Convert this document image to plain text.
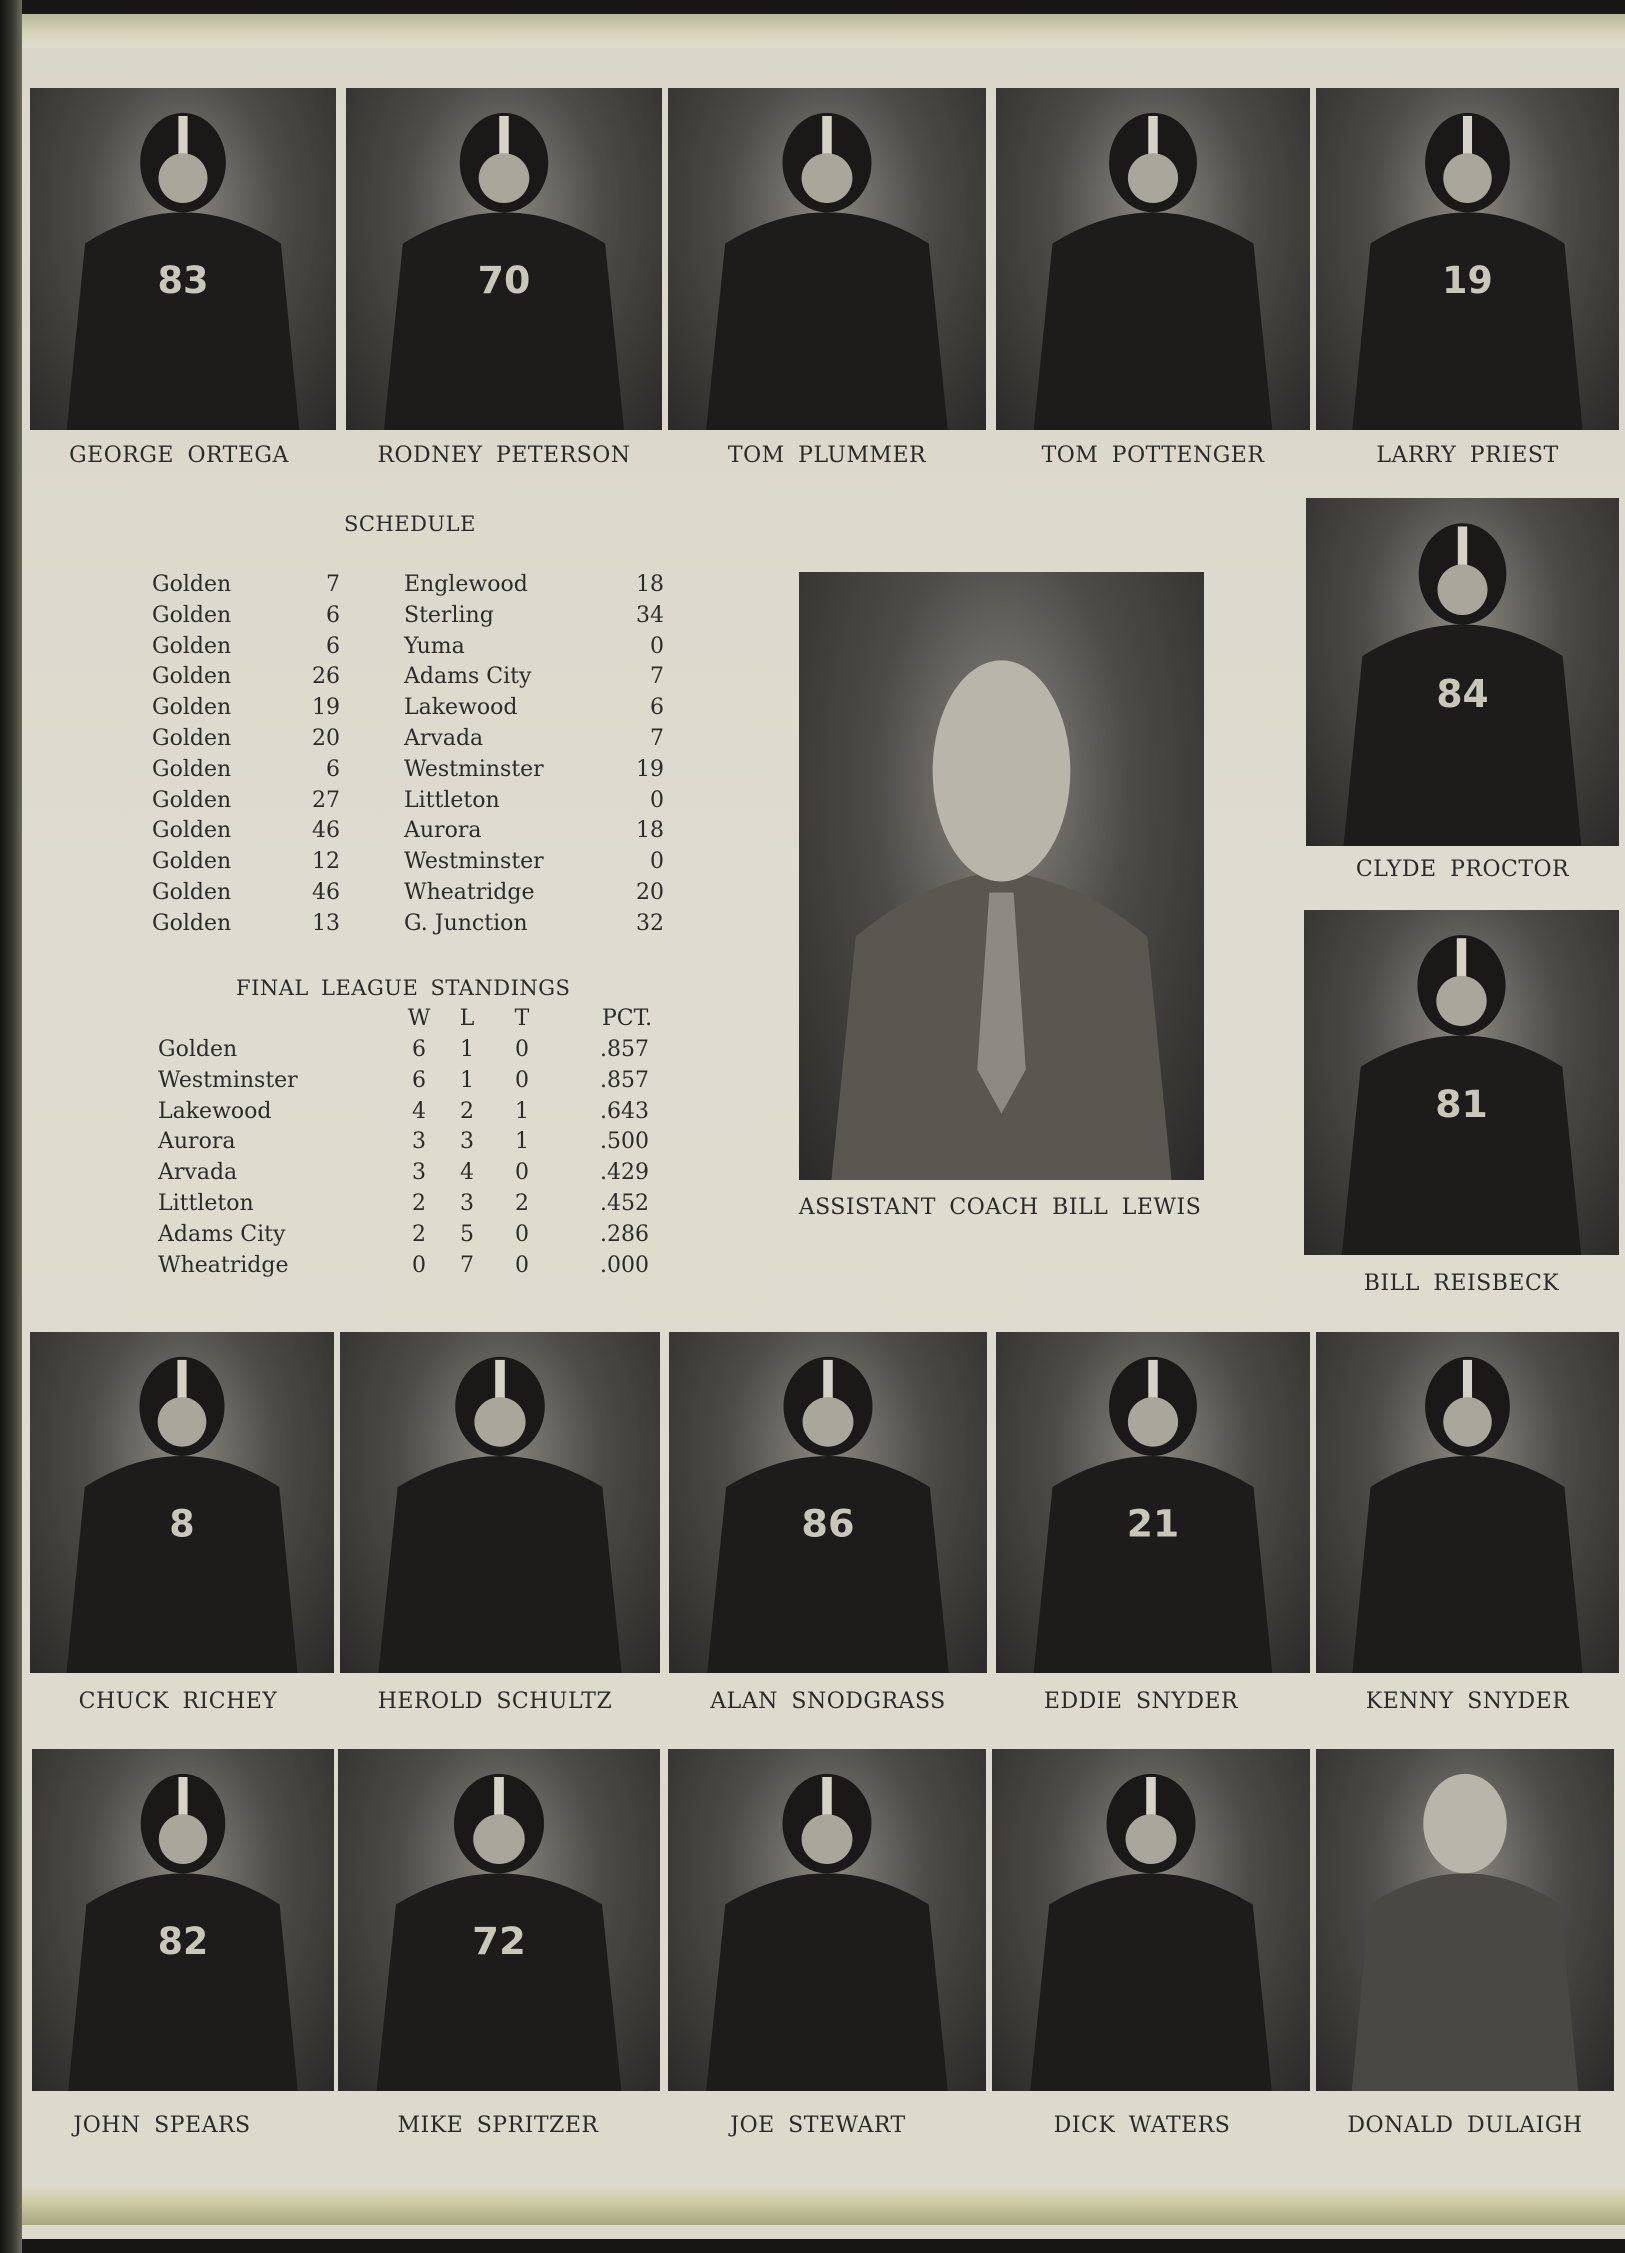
83	70	19
GEORGE ORTEGA	RODNEY PETERSON	TOM PLUMMER	TOM POTTENGER	LARRY PRIEST
SCHEDULE
Golden	7	Englewood	18
Golden	6	Sterling	34
Golden	6	Yuma	0
Golden	26	Adams City	7
Golden	19	Lakewood	6
Golden	20	Arvada	7
Golden	6	Westminster	19
Golden	27	Littleton	0
Golden	46	Aurora	18
Golden	12	Westminster	0
Golden	46	Wheatridge	20
Golden	13	G. Junction	32
FINAL LEAGUE STANDINGS
W	L	T	PCT.
Golden	6	1	0	.857
Westminster	6	1	0	.857
Lakewood	4	2	1	.643
Aurora	3	3	1	.500
Arvada	3	4	0	.429
Littleton	2	3	2	.452
Adams City	2	5	0	.286
Wheatridge	0	7	0	.000
ASSISTANT COACH BILL LEWIS
84
CLYDE PROCTOR
81
BILL REISBECK
8	86	21
CHUCK RICHEY	HEROLD SCHULTZ	ALAN SNODGRASS	EDDIE SNYDER	KENNY SNYDER
82	72
JOHN SPEARS	MIKE SPRITZER	JOE STEWART	DICK WATERS	DONALD DULAIGH
